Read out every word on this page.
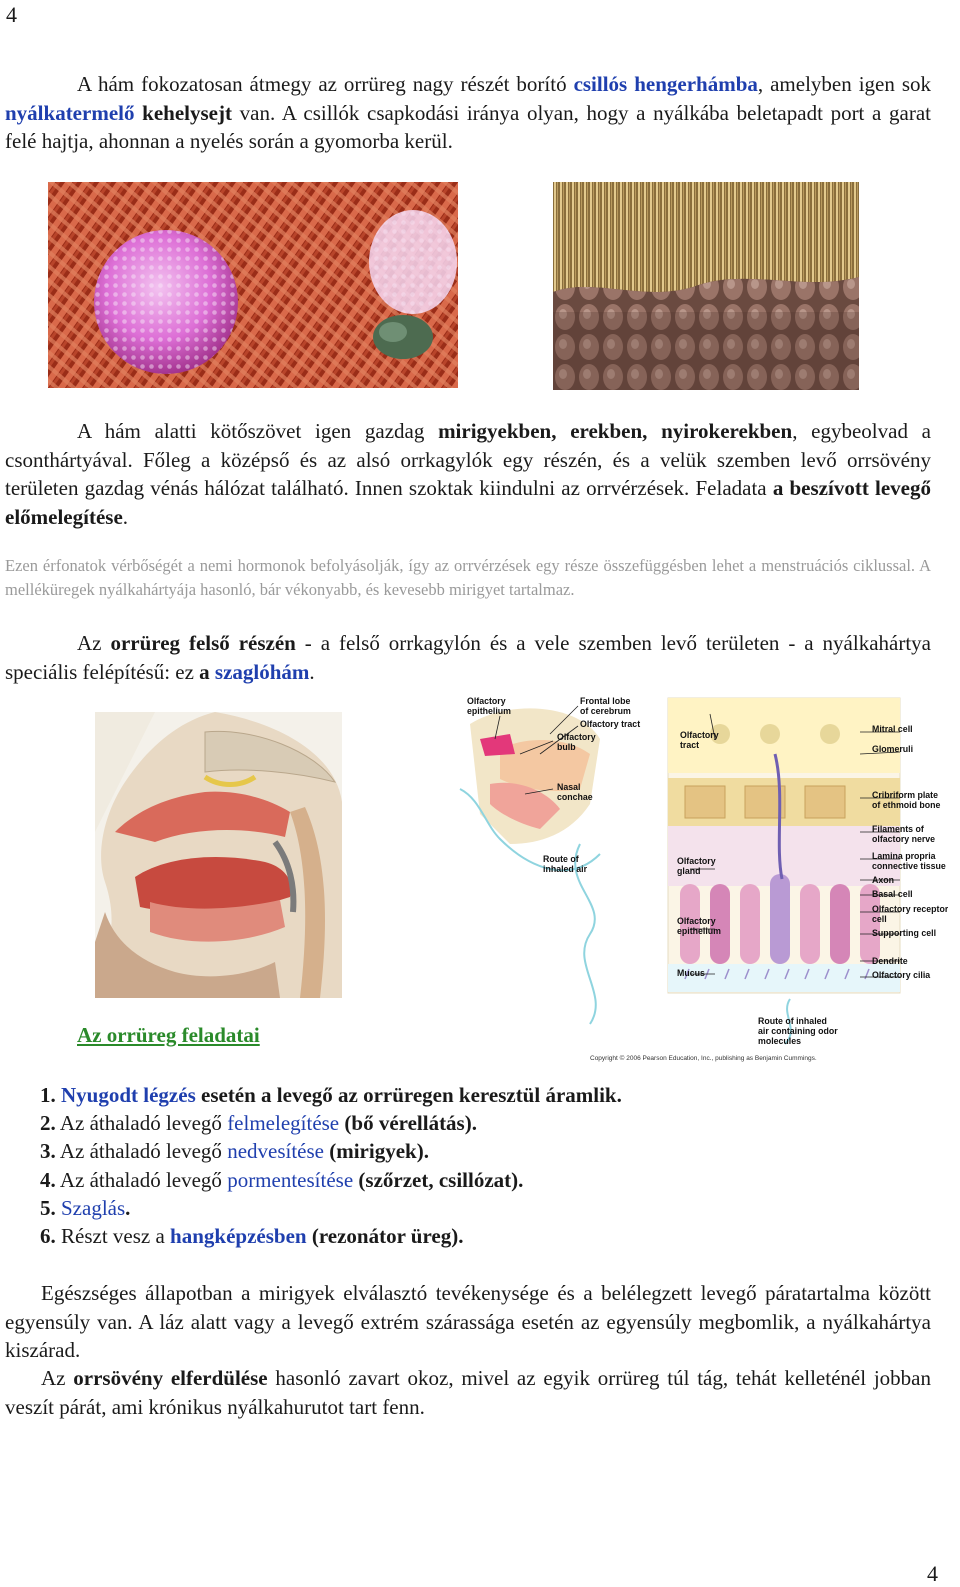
4

A hám fokozatosan átmegy az orrüreg nagy részét borító csillós hengerhámba, amelyben igen sok nyálkatermelő kehelysejt van. A csillók csapkodási iránya olyan, hogy a nyálkába beletapadt port a garat felé hajtja, ahonnan a nyelés során a gyomorba kerül.

A hám alatti kötőszövet igen gazdag mirigyekben, erekben, nyirokerekben, egybeolvad a csonthártyával. Főleg a középső és az alsó orrkagylók egy részén, és a velük szemben levő orrsövény területen gazdag vénás hálózat található. Innen szoktak kiindulni az orrvérzések. Feladata a beszívott levegő előmelegítése.

Ezen érfonatok vérbőségét a nemi hormonok befolyásolják, így az orrvérzések egy része összefüggésben lehet a menstruációs ciklussal. A melléküregek nyálkahártyája hasonló, bár vékonyabb, és kevesebb mirigyet tartalmaz.

Az orrüreg felső részén - a felső orrkagylón és a vele szemben levő területen - a nyálkahártya speciális felépítésű: ez a szaglóhám.

Olfactory epithelium
Frontal lobe of cerebrum
Olfactory tract
Olfactory bulb
Olfactory tract
Nasal conchae
Route of inhaled air
Olfactory gland
Olfactory epithelium
Mucus
Mitral cell
Glomeruli
Cribriform plate of ethmoid bone
Filaments of olfactory nerve
Lamina propria connective tissue
Axon
Basal cell
Olfactory receptor cell
Supporting cell
Dendrite
Olfactory cilia
Route of inhaled air containing odor molecules
Copyright © 2006 Pearson Education, Inc., publishing as Benjamin Cummings.
Az orrüreg feladatai
1. Nyugodt légzés esetén a levegő az orrüregen keresztül áramlik.
2. Az áthaladó levegő felmelegítése (bő vérellátás).
3. Az áthaladó levegő nedvesítése (mirigyek).
4. Az áthaladó levegő pormentesítése (szőrzet, csillózat).
5. Szaglás.
6. Részt vesz a hangképzésben (rezonátor üreg).

Egészséges állapotban a mirigyek elválasztó tevékenysége és a belélegzett levegő páratartalma között egyensúly van. A láz alatt vagy a levegő extrém szárassága esetén az egyensúly megbomlik, a nyálkahártya kiszárad.

Az orrsövény elferdülése hasonló zavart okoz, mivel az egyik orrüreg túl tág, tehát kelleténél jobban veszít párát, ami krónikus nyálkahurutot tart fenn.

4
